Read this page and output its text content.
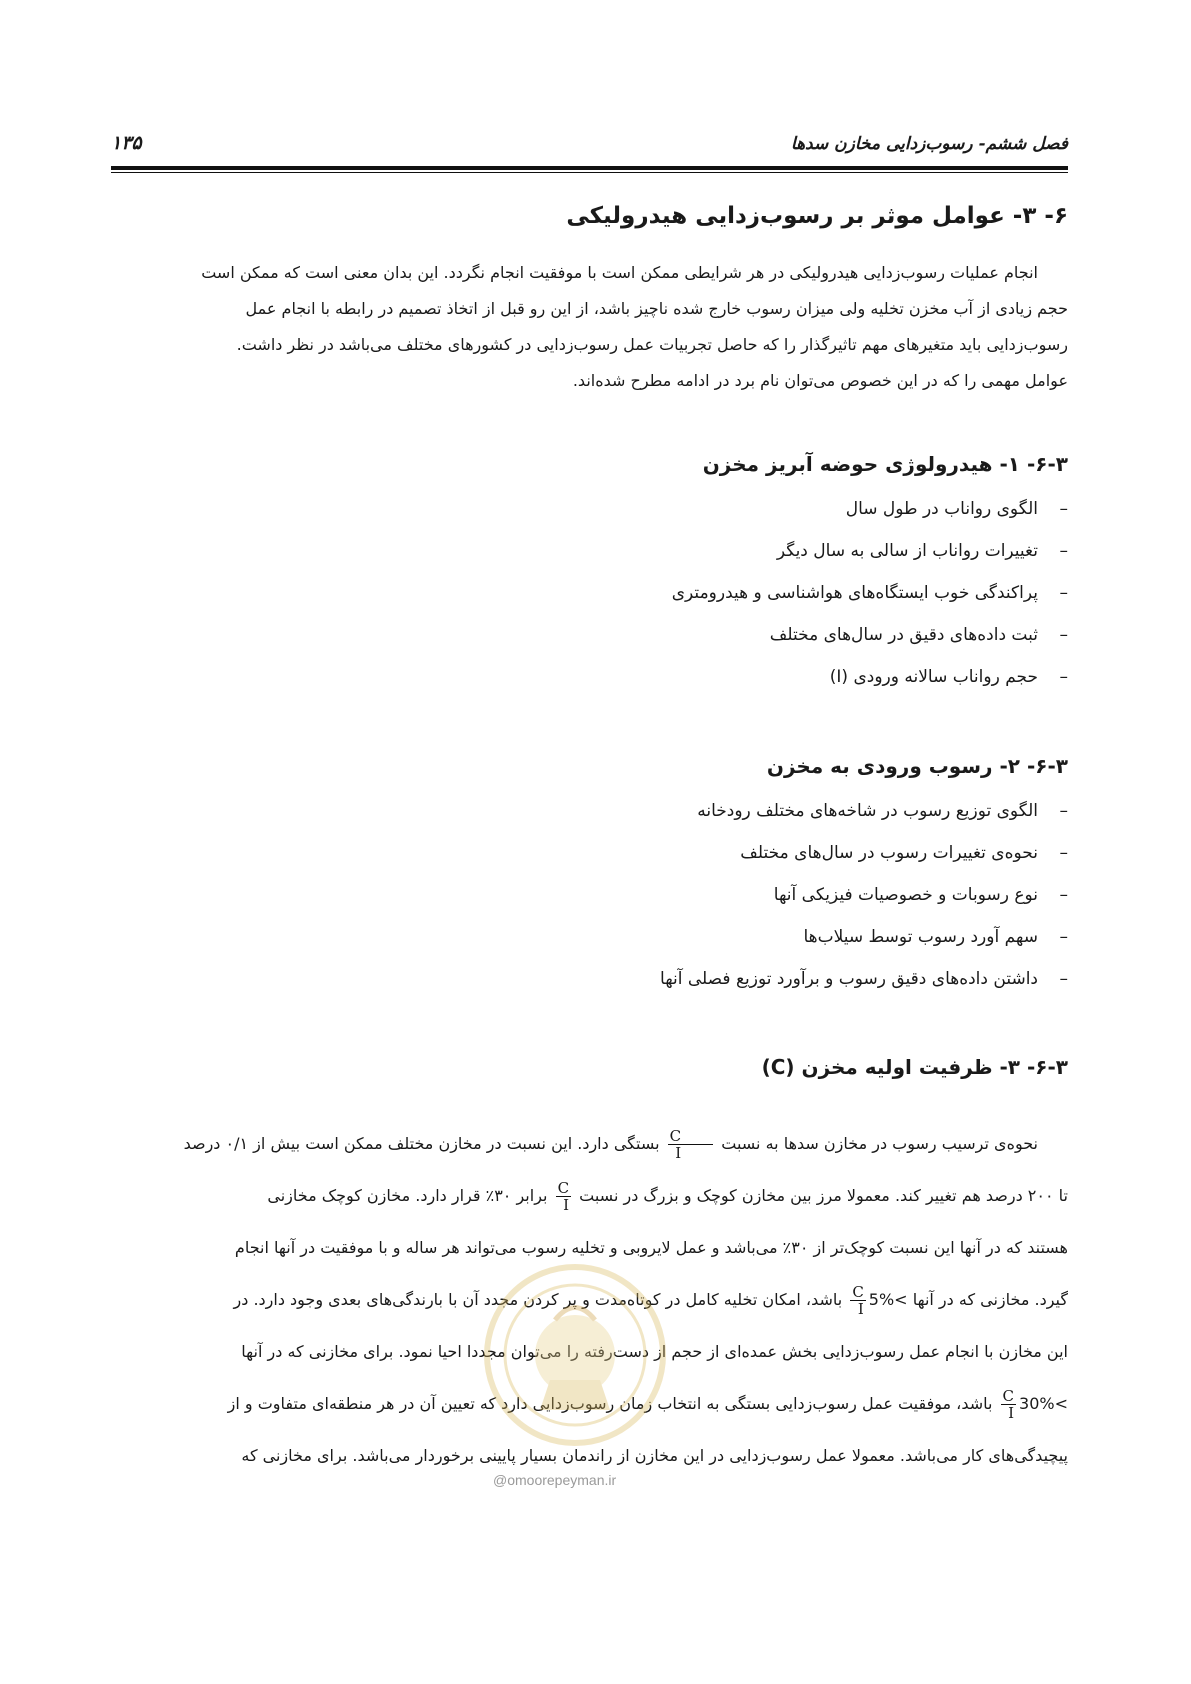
فصل ششم- رسوب‌زدایی مخازن سدها
۱۳۵
۶- ۳- عوامل موثر بر رسوب‌زدایی هیدرولیکی
انجام عملیات رسوب‌زدایی هیدرولیکی در هر شرایطی ممکن است با موفقیت انجام نگردد. این بدان معنی است که ممکن است
حجم زیادی از آب مخزن تخلیه ولی میزان رسوب خارج شده ناچیز باشد، از این رو قبل از اتخاذ تصمیم در رابطه با انجام عمل
رسوب‌زدایی باید متغیرهای مهم تاثیرگذار را که حاصل تجربیات عمل رسوب‌زدایی در کشورهای مختلف می‌باشد در نظر داشت.
عوامل مهمی را که در این خصوص می‌توان نام برد در ادامه مطرح شده‌اند.
۶-۳- ۱- هیدرولوژی حوضه آبریز مخزن
–
الگوی رواناب در طول سال
–
تغییرات رواناب از سالی به سال دیگر
–
پراکندگی خوب ایستگاه‌های هواشناسی و هیدرومتری
–
ثبت داده‌های دقیق در سال‌های مختلف
–
حجم رواناب سالانه ورودی (I)
۶-۳- ۲- رسوب ورودی به مخزن
–
الگوی توزیع رسوب در شاخه‌های مختلف رودخانه
–
نحوه‌ی تغییرات رسوب در سال‌های مختلف
–
نوع رسوبات و خصوصیات فیزیکی آنها
–
سهم آورد رسوب توسط سیلاب‌ها
–
داشتن داده‌های دقیق رسوب و برآورد توزیع فصلی آنها
۶-۳- ۳- ظرفیت اولیه مخزن (C)
نحوه‌ی ترسیب رسوب در مخازن سدها به نسبت
$\frac{C}{I}$
بستگی دارد. این نسبت در مخازن مختلف ممکن است بیش از ۰/۱ درصد
تا ۲۰۰ درصد هم تغییر کند. معمولا مرز بین مخازن کوچک و بزرگ در نسبت
$\frac{C}{I}$
برابر ۳۰٪ قرار دارد. مخازن کوچک مخازنی
هستند که در آنها این نسبت کوچک‌تر از ۳۰٪ می‌باشد و عمل لایروبی و تخلیه رسوب می‌تواند هر ساله و با موفقیت در آنها انجام
گیرد. مخازنی که در آنها
$\frac{C}{I} 5\%<$ باشد، امکان تخلیه کامل در کوتاه‌مدت و پر کردن مجدد آن با بارندگی‌های بعدی وجود دارد. در
این مخازن با انجام عمل رسوب‌زدایی بخش عمده‌ای از حجم از دست‌رفته را می‌توان مجددا احیا نمود. برای مخازنی که در آنها
$\frac{C}{I} 30\%<$ باشد، موفقیت عمل رسوب‌زدایی بستگی به انتخاب زمان رسوب‌زدایی دارد که تعیین آن در هر منطقه‌ای متفاوت و از
پیچیدگی‌های کار می‌باشد. معمولا عمل رسوب‌زدایی در این مخازن از راندمان بسیار پایینی برخوردار می‌باشد. برای مخازنی که
@omoorepeyman.ir
